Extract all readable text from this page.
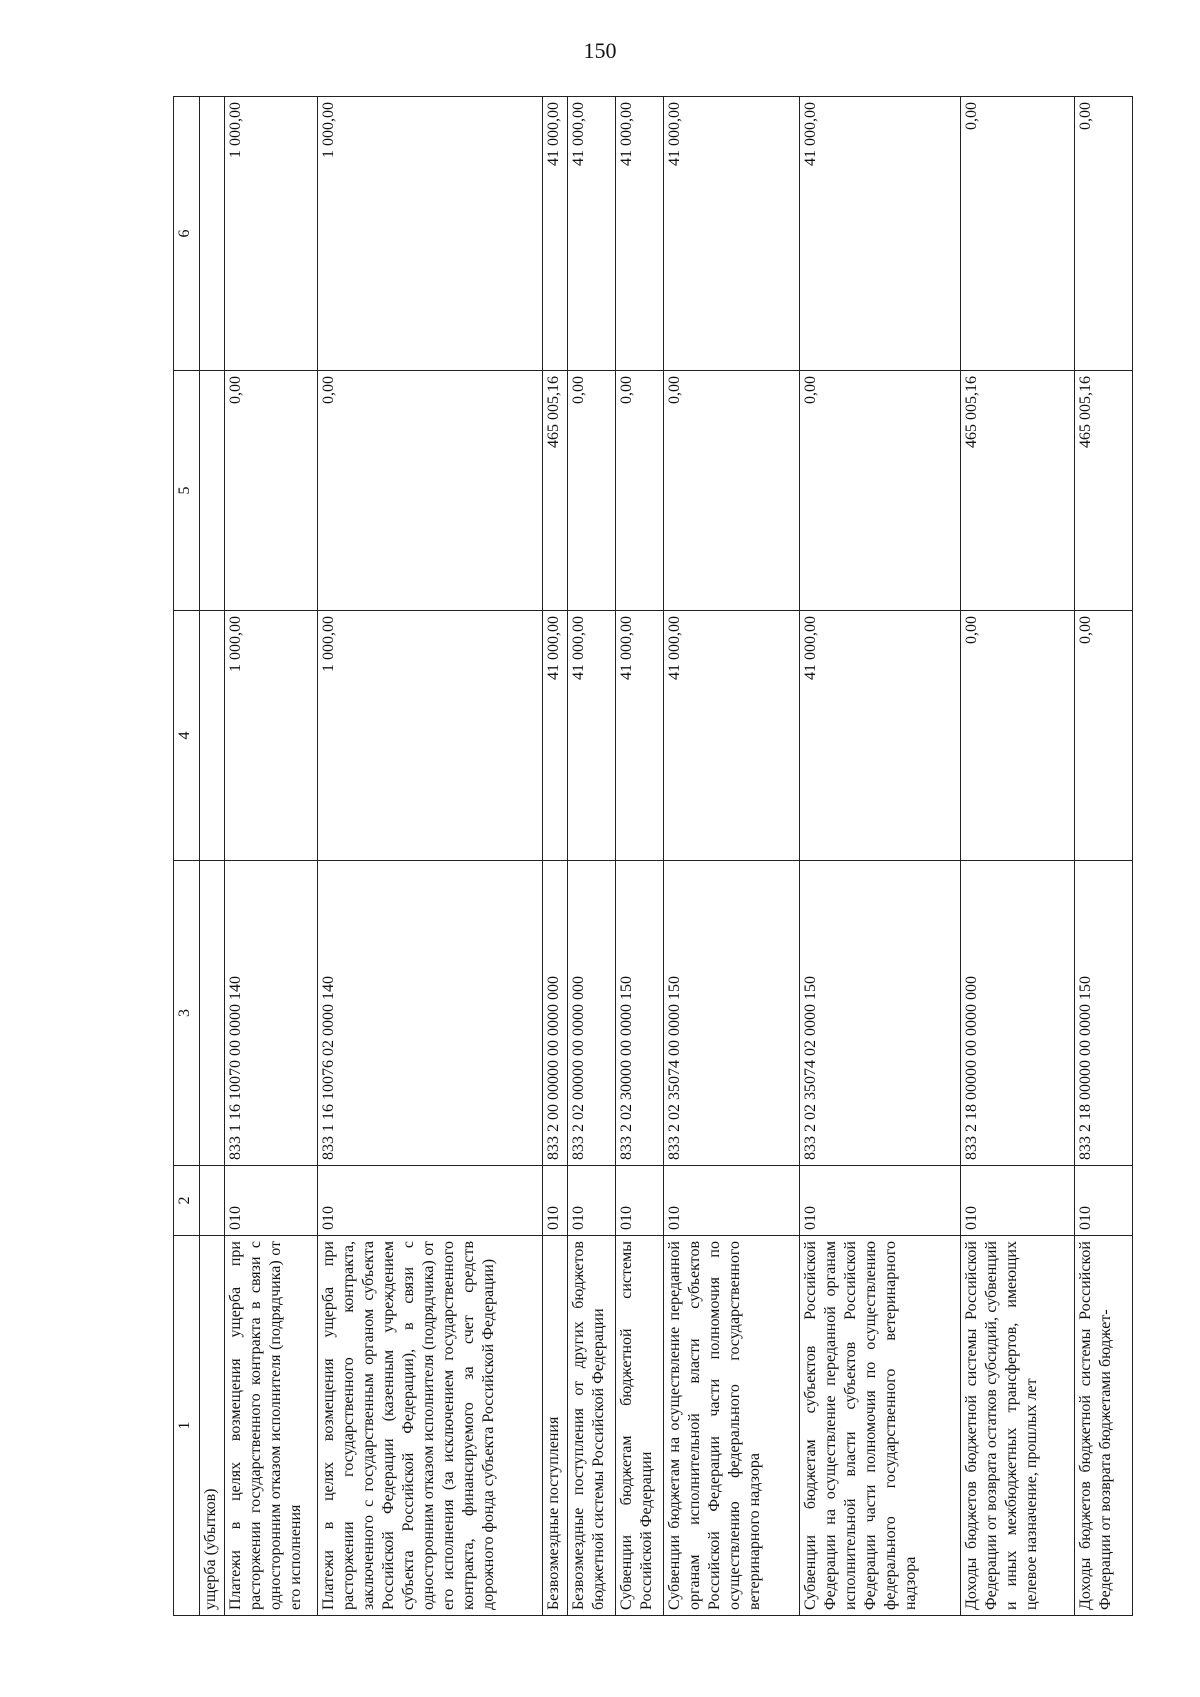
150
1	2	3	4	5	6
ущерба (убытков)					
Платежи в целях возмещения ущерба при расторжении государственного контракта в связи с односторонним отказом исполнителя (подрядчика) от его исполнения	010	833 1 16 10070 00 0000 140	1 000,00	0,00	1 000,00
Платежи в целях возмещения ущерба при расторжении государственного контракта, заключенного с государственным органом субъекта Российской Федерации (казенным учреждением субъекта Российской Федерации), в связи с односторонним отказом исполнителя (подрядчика) от его исполнения (за исключением государственного контракта, финансируемого за счет средств дорожного фонда субъекта Российской Федерации)	010	833 1 16 10076 02 0000 140	1 000,00	0,00	1 000,00
Безвозмездные поступления	010	833 2 00 00000 00 0000 000	41 000,00	465 005,16	41 000,00
Безвозмездные поступления от других бюджетов бюджетной системы Российской Федерации	010	833 2 02 00000 00 0000 000	41 000,00	0,00	41 000,00
Субвенции бюджетам бюджетной системы Российской Федерации	010	833 2 02 30000 00 0000 150	41 000,00	0,00	41 000,00
Субвенции бюджетам на осуществление переданной органам исполнительной власти субъектов Российской Федерации части полномочия по осуществлению федерального государственного ветеринарного надзора	010	833 2 02 35074 00 0000 150	41 000,00	0,00	41 000,00
Субвенции бюджетам субъектов Российской Федерации на осуществление переданной органам исполнительной власти субъектов Российской Федерации части полномочия по осуществлению федерального государственного ветеринарного надзора	010	833 2 02 35074 02 0000 150	41 000,00	0,00	41 000,00
Доходы бюджетов бюджетной системы Российской Федерации от возврата остатков субсидий, субвенций и иных межбюджетных трансфертов, имеющих целевое назначение, прошлых лет	010	833 2 18 00000 00 0000 000	0,00	465 005,16	0,00
Доходы бюджетов бюджетной системы Российской Федерации от возврата бюджетами бюджет-	010	833 2 18 00000 00 0000 150	0,00	465 005,16	0,00
